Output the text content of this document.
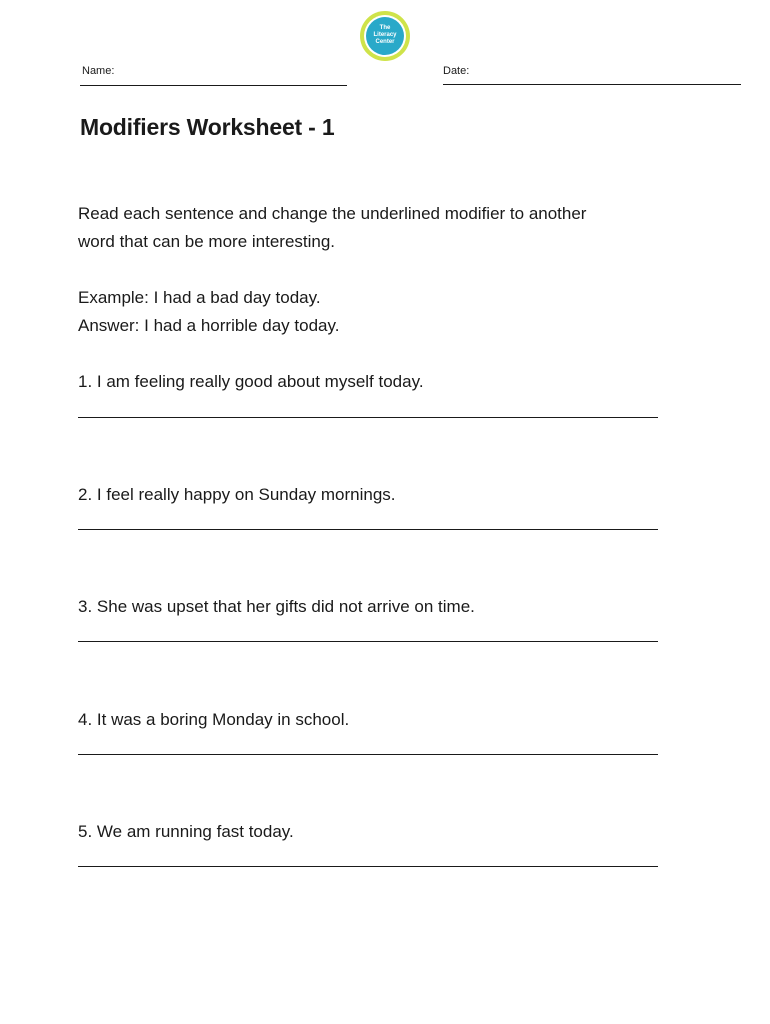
The
Literacy
Center
Name:	Date:
Modifiers Worksheet - 1

Read each sentence and change the underlined modifier to another

word that can be more interesting.

Example: I had a bad day today.

Answer: I had a horrible day today.

1. I am feeling really good about myself today.

2. I feel really happy on Sunday mornings.

3. She was upset that her gifts did not arrive on time.

4. It was a boring Monday in school.

5. We am running fast today.
